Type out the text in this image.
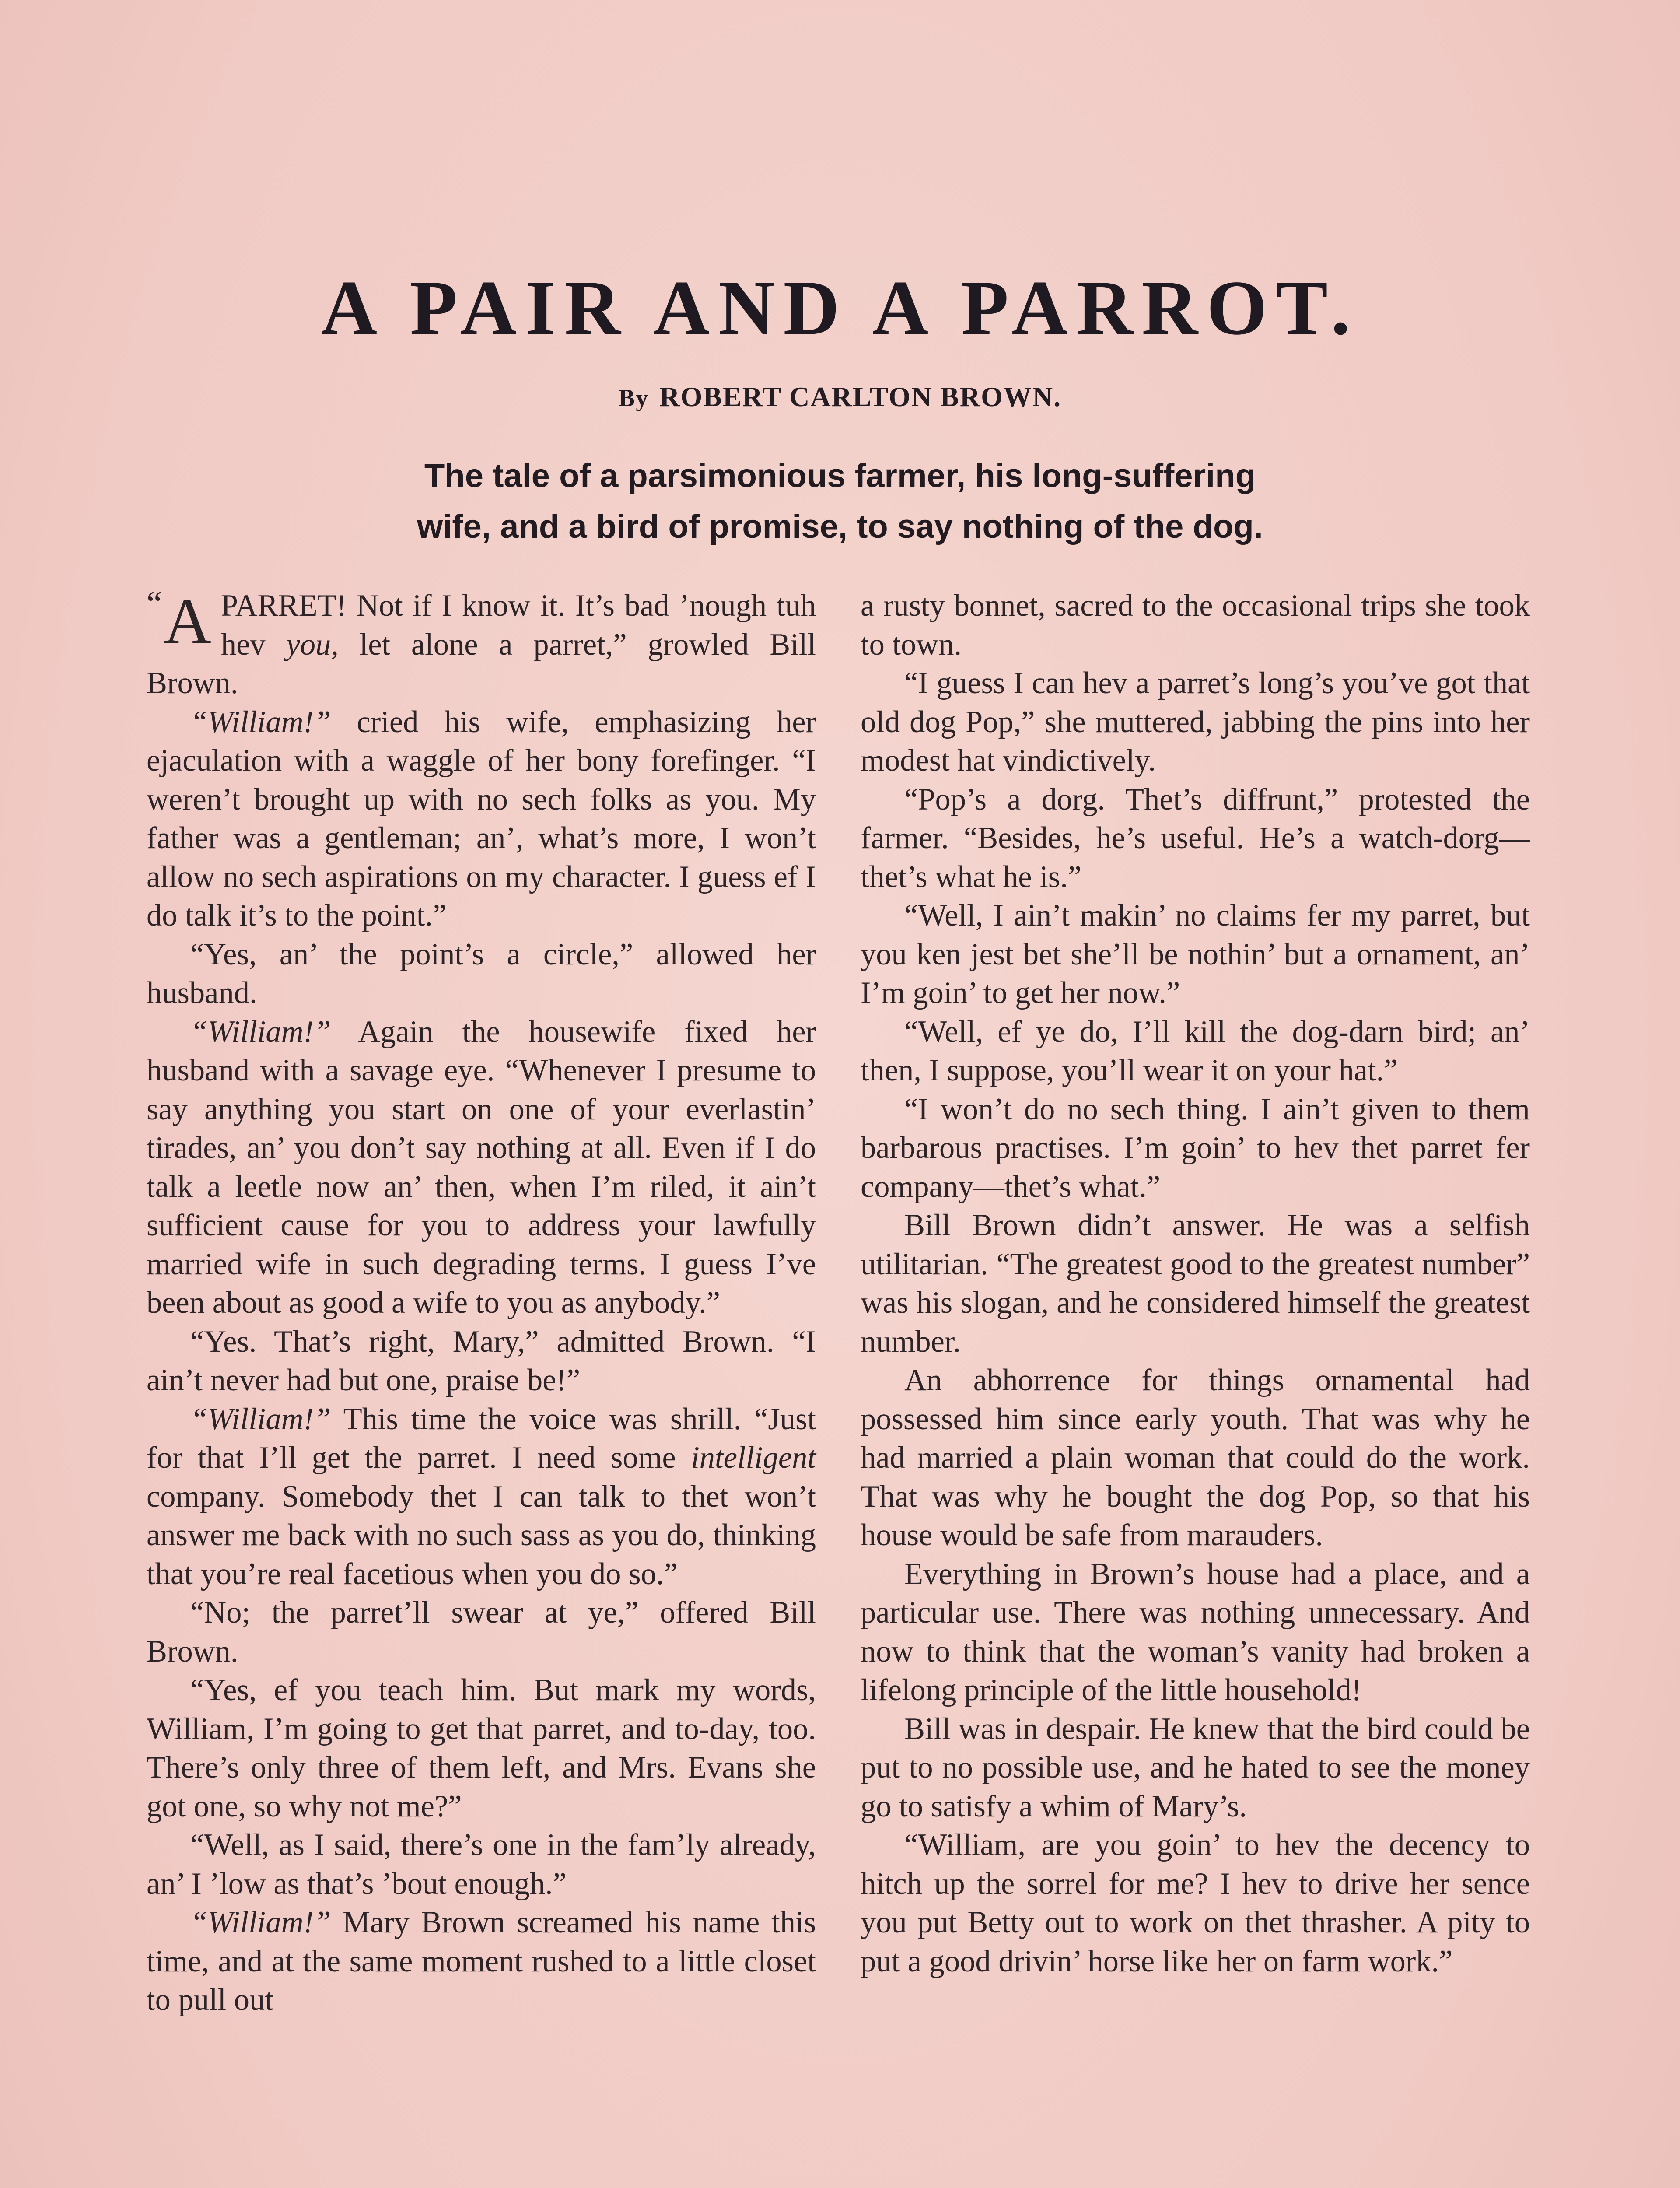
A PAIR AND A PARROT.
By ROBERT CARLTON BROWN.
The tale of a parsimonious farmer, his long-suffering
wife, and a bird of promise, to say nothing of the dog.

“ A PARRET! Not if I know it. It’s bad ’nough tuh hev you, let alone a parret,” growled Bill Brown.

“William!” cried his wife, emphasizing her ejaculation with a waggle of her bony forefinger. “I weren’t brought up with no sech folks as you. My father was a gentleman; an’, what’s more, I won’t allow no sech aspirations on my character. I guess ef I do talk it’s to the point.”

“Yes, an’ the point’s a circle,” allowed her husband.

“William!” Again the housewife fixed her husband with a savage eye. “Whenever I presume to say anything you start on one of your everlastin’ tirades, an’ you don’t say nothing at all. Even if I do talk a leetle now an’ then, when I’m riled, it ain’t sufficient cause for you to address your lawfully married wife in such degrading terms. I guess I’ve been about as good a wife to you as anybody.”

“Yes. That’s right, Mary,” admitted Brown. “I ain’t never had but one, praise be!”

“William!” This time the voice was shrill. “Just for that I’ll get the parret. I need some intelligent company. Somebody thet I can talk to thet won’t answer me back with no such sass as you do, thinking that you’re real facetious when you do so.”

“No; the parret’ll swear at ye,” offered Bill Brown.

“Yes, ef you teach him. But mark my words, William, I’m going to get that parret, and to-day, too. There’s only three of them left, and Mrs. Evans she got one, so why not me?”

“Well, as I said, there’s one in the fam’ly already, an’ I ’low as that’s ’bout enough.”

“William!” Mary Brown screamed his name this time, and at the same moment rushed to a little closet to pull out

a rusty bonnet, sacred to the occasional trips she took to town.

“I guess I can hev a parret’s long’s you’ve got that old dog Pop,” she muttered, jabbing the pins into her modest hat vindictively.

“Pop’s a dorg. Thet’s diffrunt,” protested the farmer. “Besides, he’s useful. He’s a watch-dorg—thet’s what he is.”

“Well, I ain’t makin’ no claims fer my parret, but you ken jest bet she’ll be nothin’ but a ornament, an’ I’m goin’ to get her now.”

“Well, ef ye do, I’ll kill the dog-darn bird; an’ then, I suppose, you’ll wear it on your hat.”

“I won’t do no sech thing. I ain’t given to them barbarous practises. I’m goin’ to hev thet parret fer company—thet’s what.”

Bill Brown didn’t answer. He was a selfish utilitarian. “The greatest good to the greatest number” was his slogan, and he considered himself the greatest number.

An abhorrence for things ornamental had possessed him since early youth. That was why he had married a plain woman that could do the work. That was why he bought the dog Pop, so that his house would be safe from marauders.

Everything in Brown’s house had a place, and a particular use. There was nothing unnecessary. And now to think that the woman’s vanity had broken a lifelong principle of the little household!

Bill was in despair. He knew that the bird could be put to no possible use, and he hated to see the money go to satisfy a whim of Mary’s.

“William, are you goin’ to hev the decency to hitch up the sorrel for me? I hev to drive her sence you put Betty out to work on thet thrasher. A pity to put a good drivin’ horse like her on farm work.”
